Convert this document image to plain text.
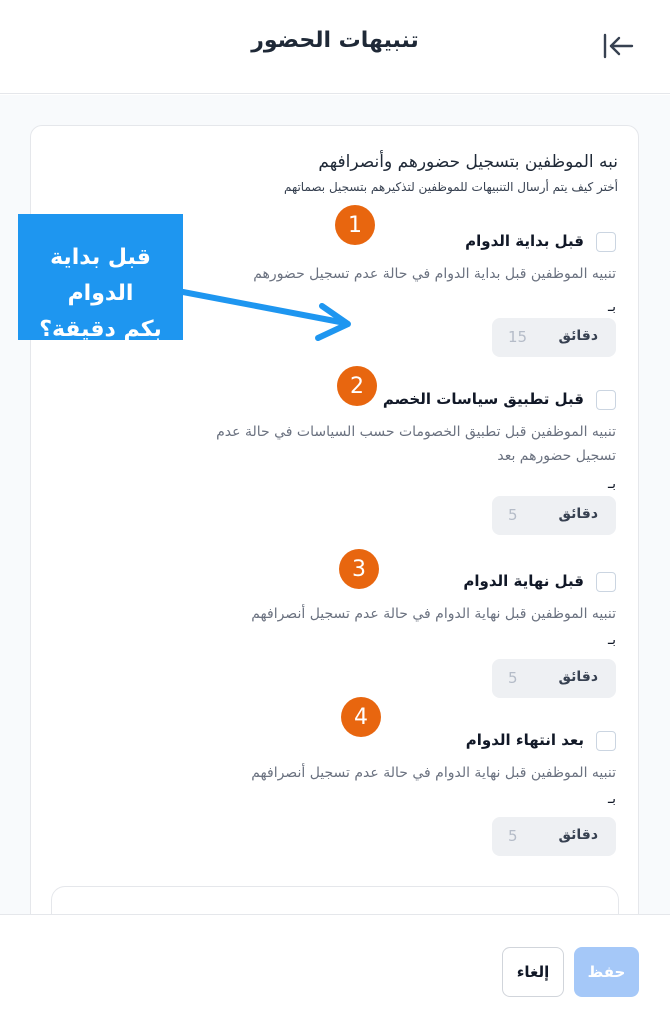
تنبيهات الحضور
نبه الموظفين بتسجيل حضورهم وأنصرافهم
أختر كيف يتم أرسال التنبيهات للموظفين لتذكيرهم بتسجيل بصماتهم
قبل بداية الدوام
تنبيه الموظفين قبل بداية الدوام في حالة عدم تسجيل حضورهم
بـ
دقائق
15
قبل تطبيق سياسات الخصم
تنبيه الموظفين قبل تطبيق الخصومات حسب السياسات في حالة عدم تسجيل حضورهم بعد
بـ
دقائق
5
قبل نهاية الدوام
تنبيه الموظفين قبل نهاية الدوام في حالة عدم تسجيل أنصرافهم
بـ
دقائق
5
بعد انتهاء الدوام
تنبيه الموظفين قبل نهاية الدوام في حالة عدم تسجيل أنصرافهم
بـ
دقائق
5
حفظ
إلغاء
1
2
3
4
قبل بداية الدوام
بكم دقيقة؟
